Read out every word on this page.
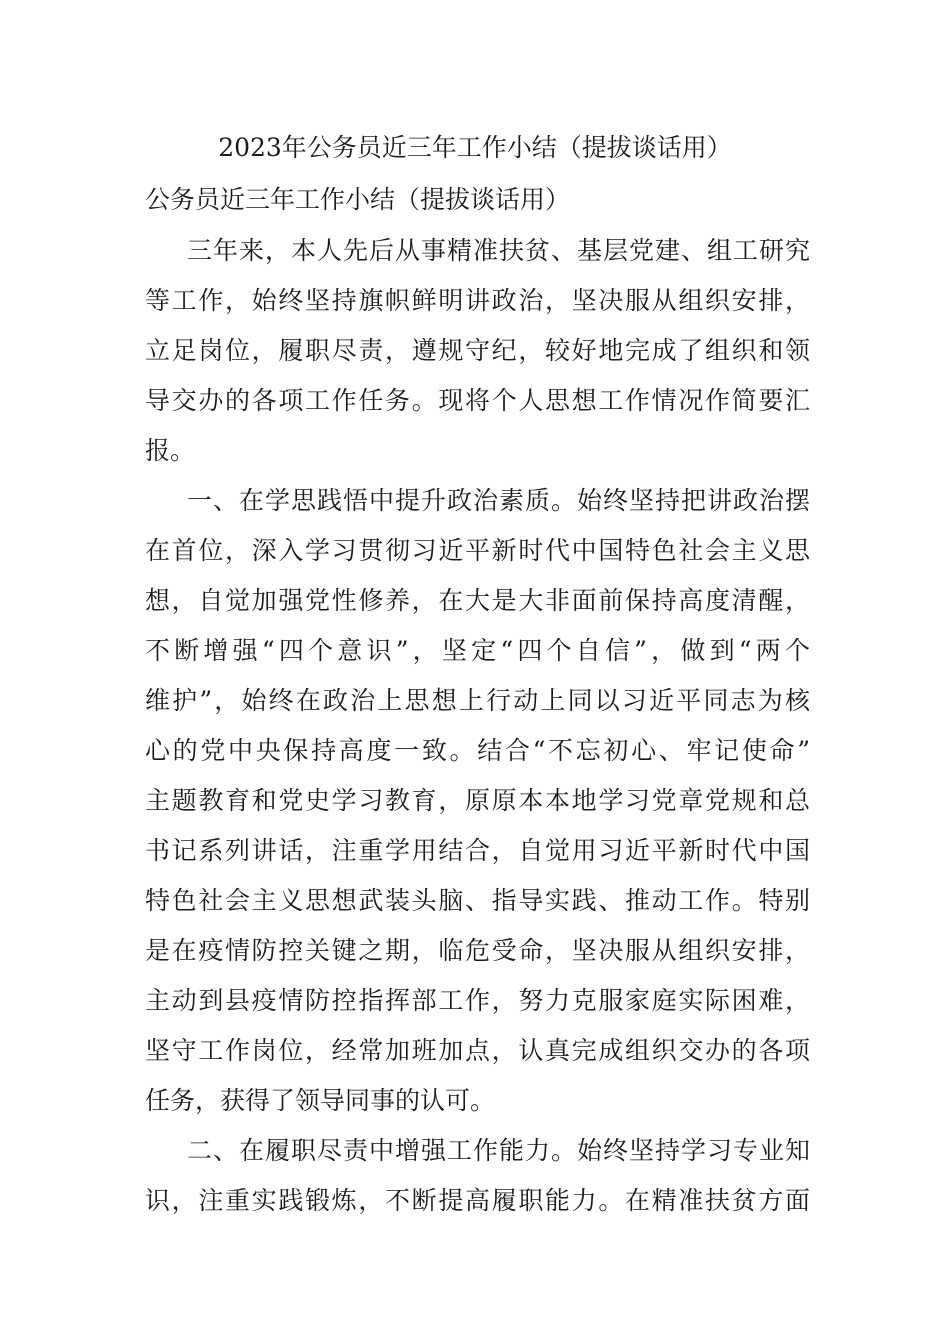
2023年公务员近三年工作小结（提拔谈话用）
公务员近三年工作小结（提拔谈话用）
三年来，本人先后从事精准扶贫、基层党建、组工研究
等工作，始终坚持旗帜鲜明讲政治，坚决服从组织安排，
立足岗位，履职尽责，遵规守纪，较好地完成了组织和领
导交办的各项工作任务。现将个人思想工作情况作简要汇
报。
一、在学思践悟中提升政治素质。始终坚持把讲政治摆
在首位，深入学习贯彻习近平新时代中国特色社会主义思
想，自觉加强党性修养，在大是大非面前保持高度清醒，
不断增强“四个意识”，坚定“四个自信”，做到“两个
维护”，始终在政治上思想上行动上同以习近平同志为核
心的党中央保持高度一致。结合“不忘初心、牢记使命”
主题教育和党史学习教育，原原本本地学习党章党规和总
书记系列讲话，注重学用结合，自觉用习近平新时代中国
特色社会主义思想武装头脑、指导实践、推动工作。特别
是在疫情防控关键之期，临危受命，坚决服从组织安排，
主动到县疫情防控指挥部工作，努力克服家庭实际困难，
坚守工作岗位，经常加班加点，认真完成组织交办的各项
任务，获得了领导同事的认可。
二、在履职尽责中增强工作能力。始终坚持学习专业知
识，注重实践锻炼，不断提高履职能力。在精准扶贫方面
